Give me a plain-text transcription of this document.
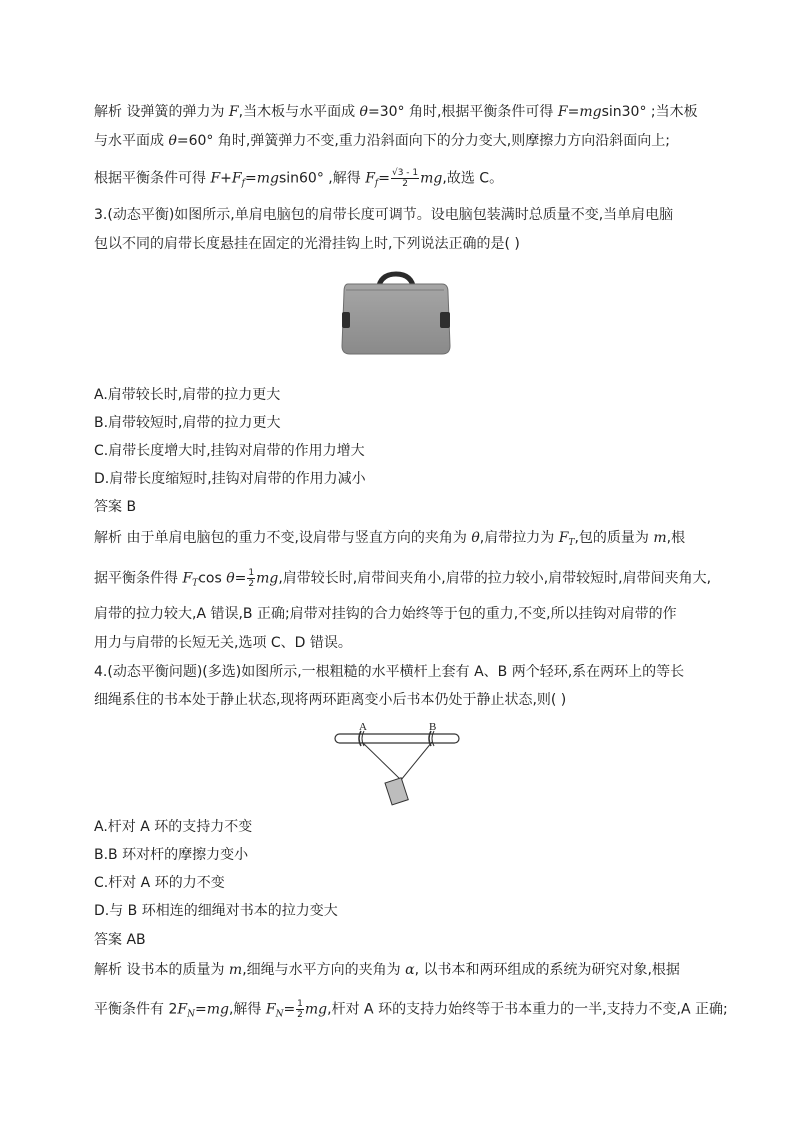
解析 设弹簧的弹力为 F,当木板与水平面成 θ=30° 角时,根据平衡条件可得 F=mgsin30° ;当木板
与水平面成 θ=60° 角时,弹簧弹力不变,重力沿斜面向下的分力变大,则摩擦力方向沿斜面向上;
根据平衡条件可得 $F+F_f=mgsin60^\circ$ ,解得 $F_f= \frac{√3 - 1}{2}$ mg,故选 C。
3.(动态平衡)如图所示,单肩电脑包的肩带长度可调节。设电脑包装满时总质量不变,当单肩电脑
包以不同的肩带长度悬挂在固定的光滑挂钩上时,下列说法正确的是( )
A.肩带较长时,肩带的拉力更大
B.肩带较短时,肩带的拉力更大
C.肩带长度增大时,挂钩对肩带的作用力增大
D.肩带长度缩短时,挂钩对肩带的作用力减小
答案 B
解析 由于单肩电脑包的重力不变,设肩带与竖直方向的夹角为 θ,肩带拉力为 $F_T$,包的质量为 m,根
据平衡条件得 $F_T\cos$ $\theta= \frac{1}{2}$ mg,肩带较长时,肩带间夹角小,肩带的拉力较小,肩带较短时,肩带间夹角大,
肩带的拉力较大,A 错误,B 正确;肩带对挂钩的合力始终等于包的重力,不变,所以挂钩对肩带的作
用力与肩带的长短无关,选项 C、D 错误。
4.(动态平衡问题)(多选)如图所示,一根粗糙的水平横杆上套有 A、B 两个轻环,系在两环上的等长
细绳系住的书本处于静止状态,现将两环距离变小后书本仍处于静止状态,则( )
A	B
A.杆对 A 环的支持力不变
B.B 环对杆的摩擦力变小
C.杆对 A 环的力不变
D.与 B 环相连的细绳对书本的拉力变大
答案 AB
解析 设书本的质量为 m,细绳与水平方向的夹角为 α, 以书本和两环组成的系统为研究对象,根据
平衡条件有 $2F_N=mg$,解得 $F_N= \frac{1}{2}$ mg,杆对 A 环的支持力始终等于书本重力的一半,支持力不变,A 正确;
